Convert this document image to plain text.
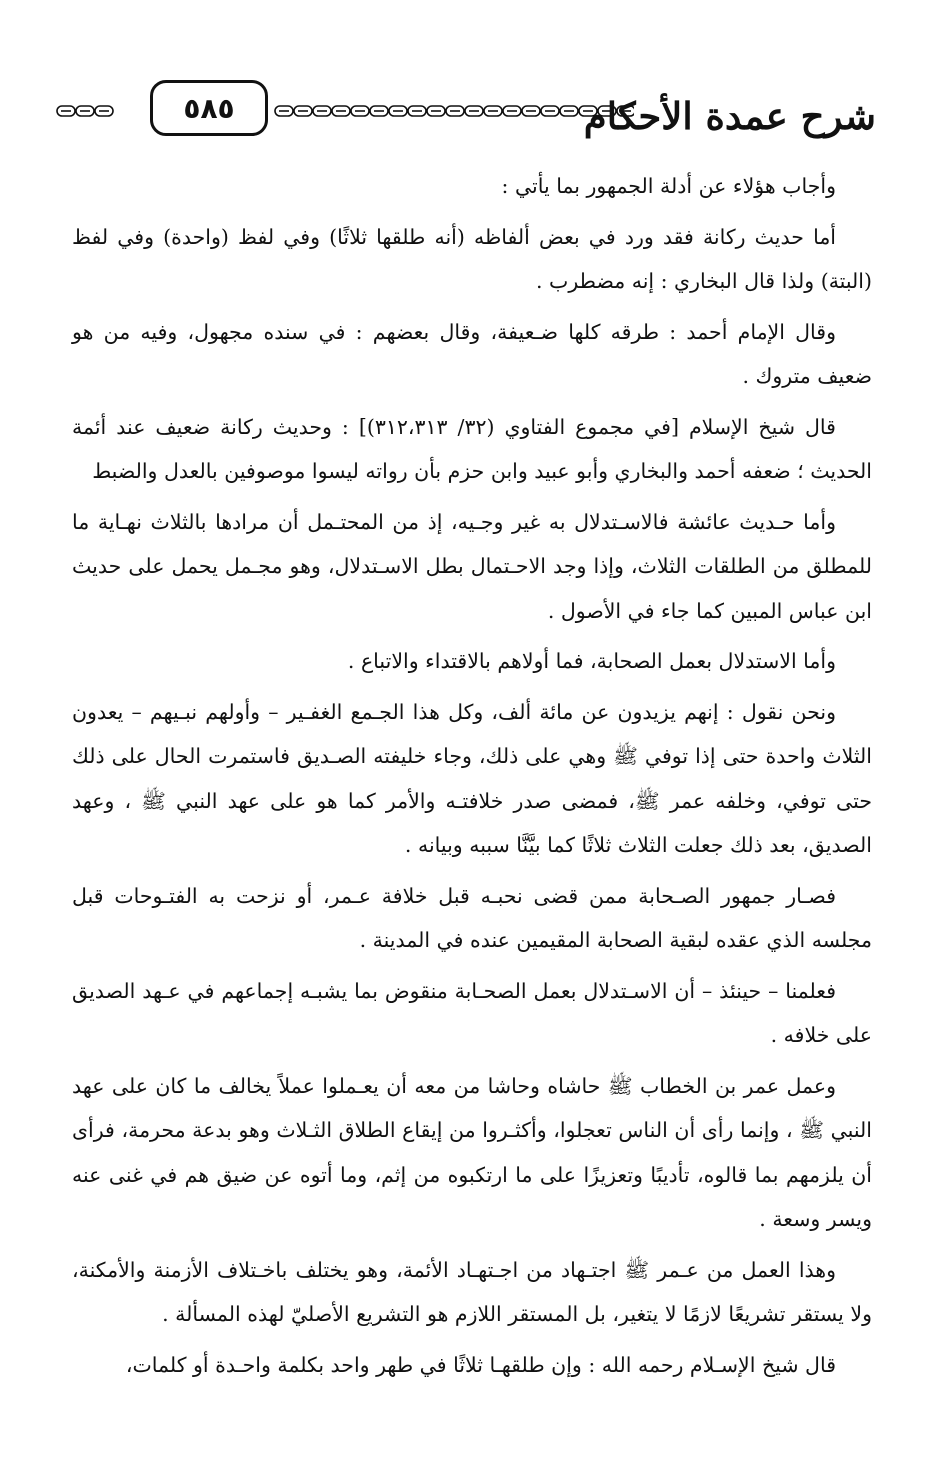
٥٨٥	شرح عمدة الأحكام

وأجاب هؤلاء عن أدلة الجمهور بما يأتي :

أما حديث ركانة فقد ورد في بعض ألفاظه (أنه طلقها ثلاثًا) وفي لفظ (واحدة) وفي لفظ (البتة) ولذا قال البخاري : إنه مضطرب .

وقال الإمام أحمد : طرقه كلها ضـعيفة، وقال بعضهم : في سنده مجهول، وفيه من هو ضعيف متروك .

قال شيخ الإسلام [في مجموع الفتاوي (٣٢/ ٣١٢،٣١٣)] : وحديث ركانة ضعيف عند أئمة الحديث ؛ ضعفه أحمد والبخاري وأبو عبيد وابن حزم بأن رواته ليسوا موصوفين بالعدل والضبط

وأما حـديث عائشة فالاسـتدلال به غير وجـيه، إذ من المحتـمل أن مرادها بالثلاث نهـاية ما للمطلق من الطلقات الثلاث، وإذا وجد الاحـتمال بطل الاسـتدلال، وهو مجـمل يحمل على حديث ابن عباس المبين كما جاء في الأصول .

وأما الاستدلال بعمل الصحابة، فما أولاهم بالاقتداء والاتباع .

ونحن نقول : إنهم يزيدون عن مائة ألف، وكل هذا الجـمع الغفـير – وأولهم نبـيهم – يعدون الثلاث واحدة حتى إذا توفي ﷺ وهي على ذلك، وجاء خليفته الصـديق فاستمرت الحال على ذلك حتى توفي، وخلفه عمر ﷺ، فمضى صدر خلافتـه والأمر كما هو على عهد النبي ﷺ ، وعهد الصديق، بعد ذلك جعلت الثلاث ثلاثًا كما بيَّنَّا سببه وبيانه .

فصـار جمهور الصـحابة ممن قضى نحبـه قبل خلافة عـمر، أو نزحت به الفتـوحات قبل مجلسه الذي عقده لبقية الصحابة المقيمين عنده في المدينة .

فعلمنا – حينئذ – أن الاسـتدلال بعمل الصحـابة منقوض بما يشبـه إجماعهم في عـهد الصديق على خلافه .

وعمل عمر بن الخطاب ﷺ حاشاه وحاشا من معه أن يعـملوا عملاً يخالف ما كان على عهد النبي ﷺ ، وإنما رأى أن الناس تعجلوا، وأكثـروا من إيقاع الطلاق الثـلاث وهو بدعة محرمة، فرأى أن يلزمهم بما قالوه، تأديبًا وتعزيزًا على ما ارتكبوه من إثم، وما أتوه عن ضيق هم في غنى عنه ويسر وسعة .

وهذا العمل من عـمر ﷺ اجتـهاد من اجـتهـاد الأئمة، وهو يختلف باخـتلاف الأزمنة والأمكنة، ولا يستقر تشريعًا لازمًا لا يتغير، بل المستقر اللازم هو التشريع الأصليّ لهذه المسألة .

قال شيخ الإسـلام رحمه الله : وإن طلقهـا ثلاثًا في طهر واحد بكلمة واحـدة أو كلمات،
